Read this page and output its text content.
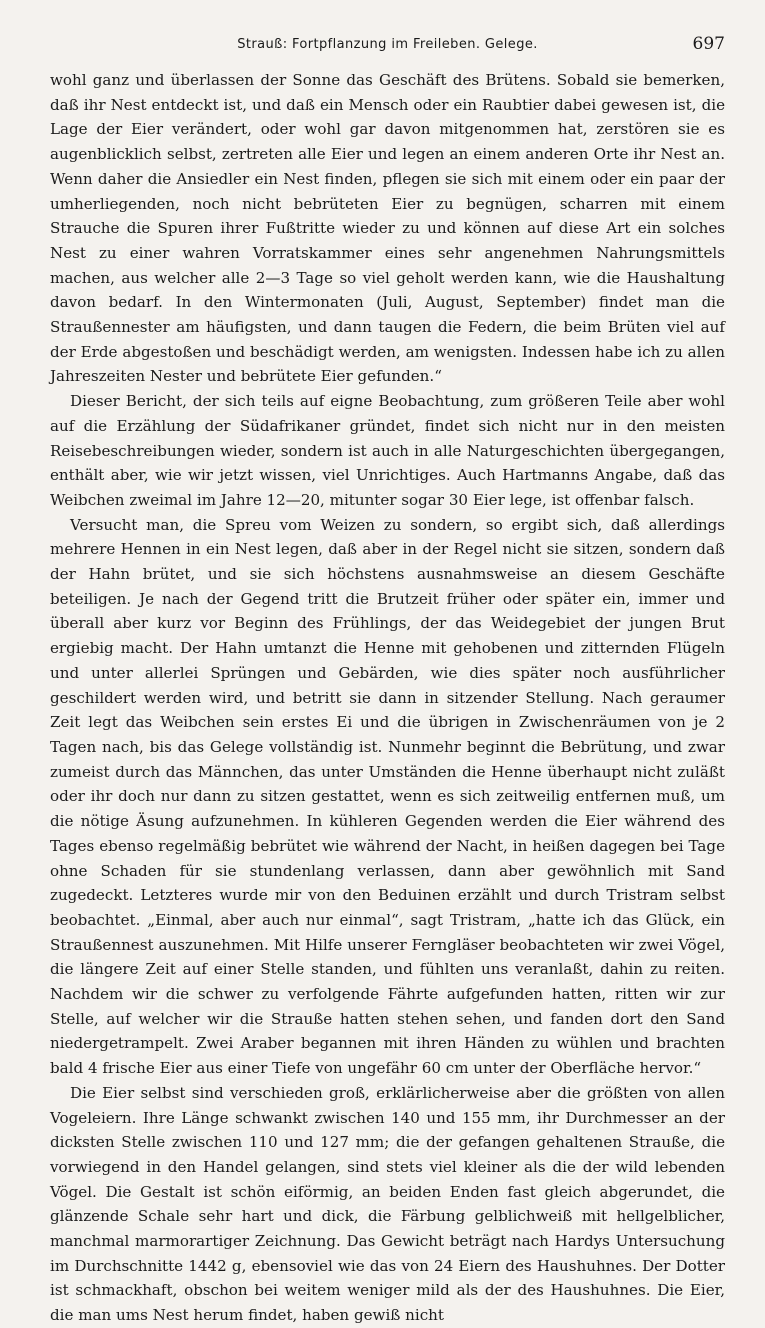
Strauß: Fortpflanzung im Freileben. Gelege.	697

wohl ganz und überlassen der Sonne das Geschäft des Brütens. Sobald sie bemerken, daß ihr Nest entdeckt ist, und daß ein Mensch oder ein Raubtier dabei gewesen ist, die Lage der Eier verändert, oder wohl gar davon mitgenommen hat, zerstören sie es augenblicklich selbst, zertreten alle Eier und legen an einem anderen Orte ihr Nest an. Wenn daher die Ansiedler ein Nest finden, pflegen sie sich mit einem oder ein paar der umherliegenden, noch nicht bebrüteten Eier zu begnügen, scharren mit einem Strauche die Spuren ihrer Fußtritte wieder zu und können auf diese Art ein solches Nest zu einer wahren Vorratskammer eines sehr angenehmen Nahrungsmittels machen, aus welcher alle 2—3 Tage so viel geholt werden kann, wie die Haushaltung davon bedarf. In den Wintermonaten (Juli, August, September) findet man die Straußennester am häufigsten, und dann taugen die Federn, die beim Brüten viel auf der Erde abgestoßen und beschädigt werden, am wenigsten. Indessen habe ich zu allen Jahreszeiten Nester und bebrütete Eier gefunden.“

Dieser Bericht, der sich teils auf eigne Beobachtung, zum größeren Teile aber wohl auf die Erzählung der Südafrikaner gründet, findet sich nicht nur in den meisten Reisebeschreibungen wieder, sondern ist auch in alle Naturgeschichten übergegangen, enthält aber, wie wir jetzt wissen, viel Unrichtiges. Auch Hartmanns Angabe, daß das Weibchen zweimal im Jahre 12—20, mitunter sogar 30 Eier lege, ist offenbar falsch.

Versucht man, die Spreu vom Weizen zu sondern, so ergibt sich, daß allerdings mehrere Hennen in ein Nest legen, daß aber in der Regel nicht sie sitzen, sondern daß der Hahn brütet, und sie sich höchstens ausnahmsweise an diesem Geschäfte beteiligen. Je nach der Gegend tritt die Brutzeit früher oder später ein, immer und überall aber kurz vor Beginn des Frühlings, der das Weidegebiet der jungen Brut ergiebig macht. Der Hahn umtanzt die Henne mit gehobenen und zitternden Flügeln und unter allerlei Sprüngen und Gebärden, wie dies später noch ausführlicher geschildert werden wird, und betritt sie dann in sitzender Stellung. Nach geraumer Zeit legt das Weibchen sein erstes Ei und die übrigen in Zwischenräumen von je 2 Tagen nach, bis das Gelege vollständig ist. Nunmehr beginnt die Bebrütung, und zwar zumeist durch das Männchen, das unter Umständen die Henne überhaupt nicht zuläßt oder ihr doch nur dann zu sitzen gestattet, wenn es sich zeitweilig entfernen muß, um die nötige Äsung aufzunehmen. In kühleren Gegenden werden die Eier während des Tages ebenso regelmäßig bebrütet wie während der Nacht, in heißen dagegen bei Tage ohne Schaden für sie stundenlang verlassen, dann aber gewöhnlich mit Sand zugedeckt. Letzteres wurde mir von den Beduinen erzählt und durch Tristram selbst beobachtet. „Einmal, aber auch nur einmal“, sagt Tristram, „hatte ich das Glück, ein Straußennest auszunehmen. Mit Hilfe unserer Ferngläser beobachteten wir zwei Vögel, die längere Zeit auf einer Stelle standen, und fühlten uns veranlaßt, dahin zu reiten. Nachdem wir die schwer zu verfolgende Fährte aufgefunden hatten, ritten wir zur Stelle, auf welcher wir die Strauße hatten stehen sehen, und fanden dort den Sand niedergetrampelt. Zwei Araber begannen mit ihren Händen zu wühlen und brachten bald 4 frische Eier aus einer Tiefe von ungefähr 60 cm unter der Oberfläche hervor.“

Die Eier selbst sind verschieden groß, erklärlicherweise aber die größten von allen Vogeleiern. Ihre Länge schwankt zwischen 140 und 155 mm, ihr Durchmesser an der dicksten Stelle zwischen 110 und 127 mm; die der gefangen gehaltenen Strauße, die vorwiegend in den Handel gelangen, sind stets viel kleiner als die der wild lebenden Vögel. Die Gestalt ist schön eiförmig, an beiden Enden fast gleich abgerundet, die glänzende Schale sehr hart und dick, die Färbung gelblichweiß mit hellgelblicher, manchmal marmorartiger Zeichnung. Das Gewicht beträgt nach Hardys Untersuchung im Durchschnitte 1442 g, ebensoviel wie das von 24 Eiern des Haushuhnes. Der Dotter ist schmackhaft, obschon bei weitem weniger mild als der des Haushuhnes. Die Eier, die man ums Nest herum findet, haben gewiß nicht
